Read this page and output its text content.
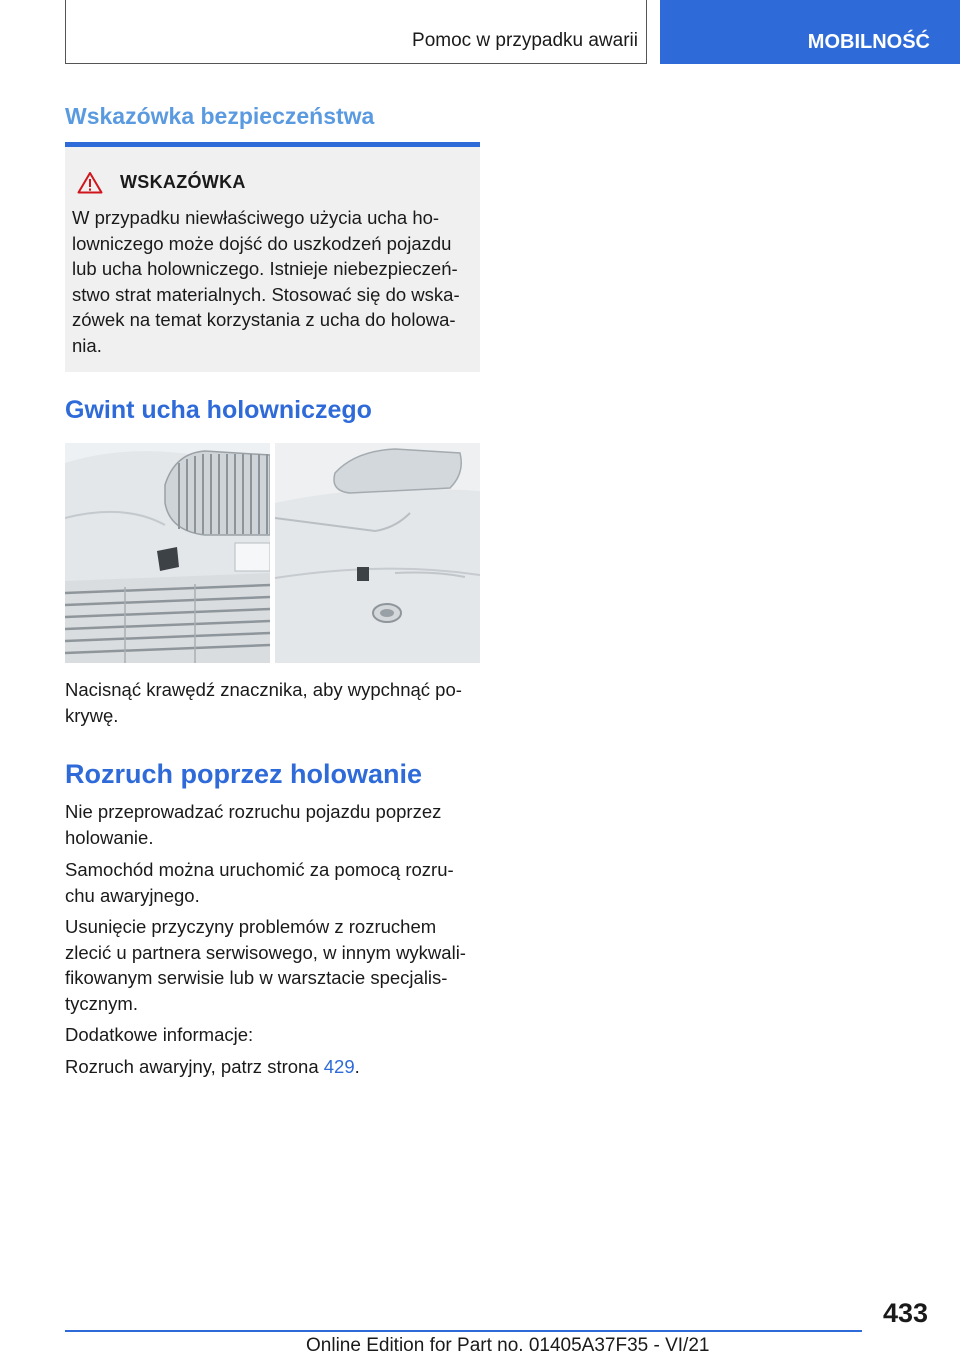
Pomoc w przypadku awarii	MOBILNOŚĆ
Wskazówka bezpieczeństwa
WSKAZÓWKA

W przypadku niewłaściwego użycia ucha ho-
lowniczego może dojść do uszkodzeń pojazdu
lub ucha holowniczego. Istnieje niebezpieczeń-
stwo strat materialnych. Stosować się do wska-
zówek na temat korzystania z ucha do holowa-
nia.

Gwint ucha holowniczego

Nacisnąć krawędź znacznika, aby wypchnąć po-
krywę.

Rozruch poprzez holowanie

Nie przeprowadzać rozruchu pojazdu poprzez
holowanie.

Samochód można uruchomić za pomocą rozru-
chu awaryjnego.

Usunięcie przyczyny problemów z rozruchem
zlecić u partnera serwisowego, w innym wykwali-
fikowanym serwisie lub w warsztacie specjalis-
tycznym.

Dodatkowe informacje:

Rozruch awaryjny, patrz strona 429.

433
Online Edition for Part no. 01405A37F35 - VI/21
